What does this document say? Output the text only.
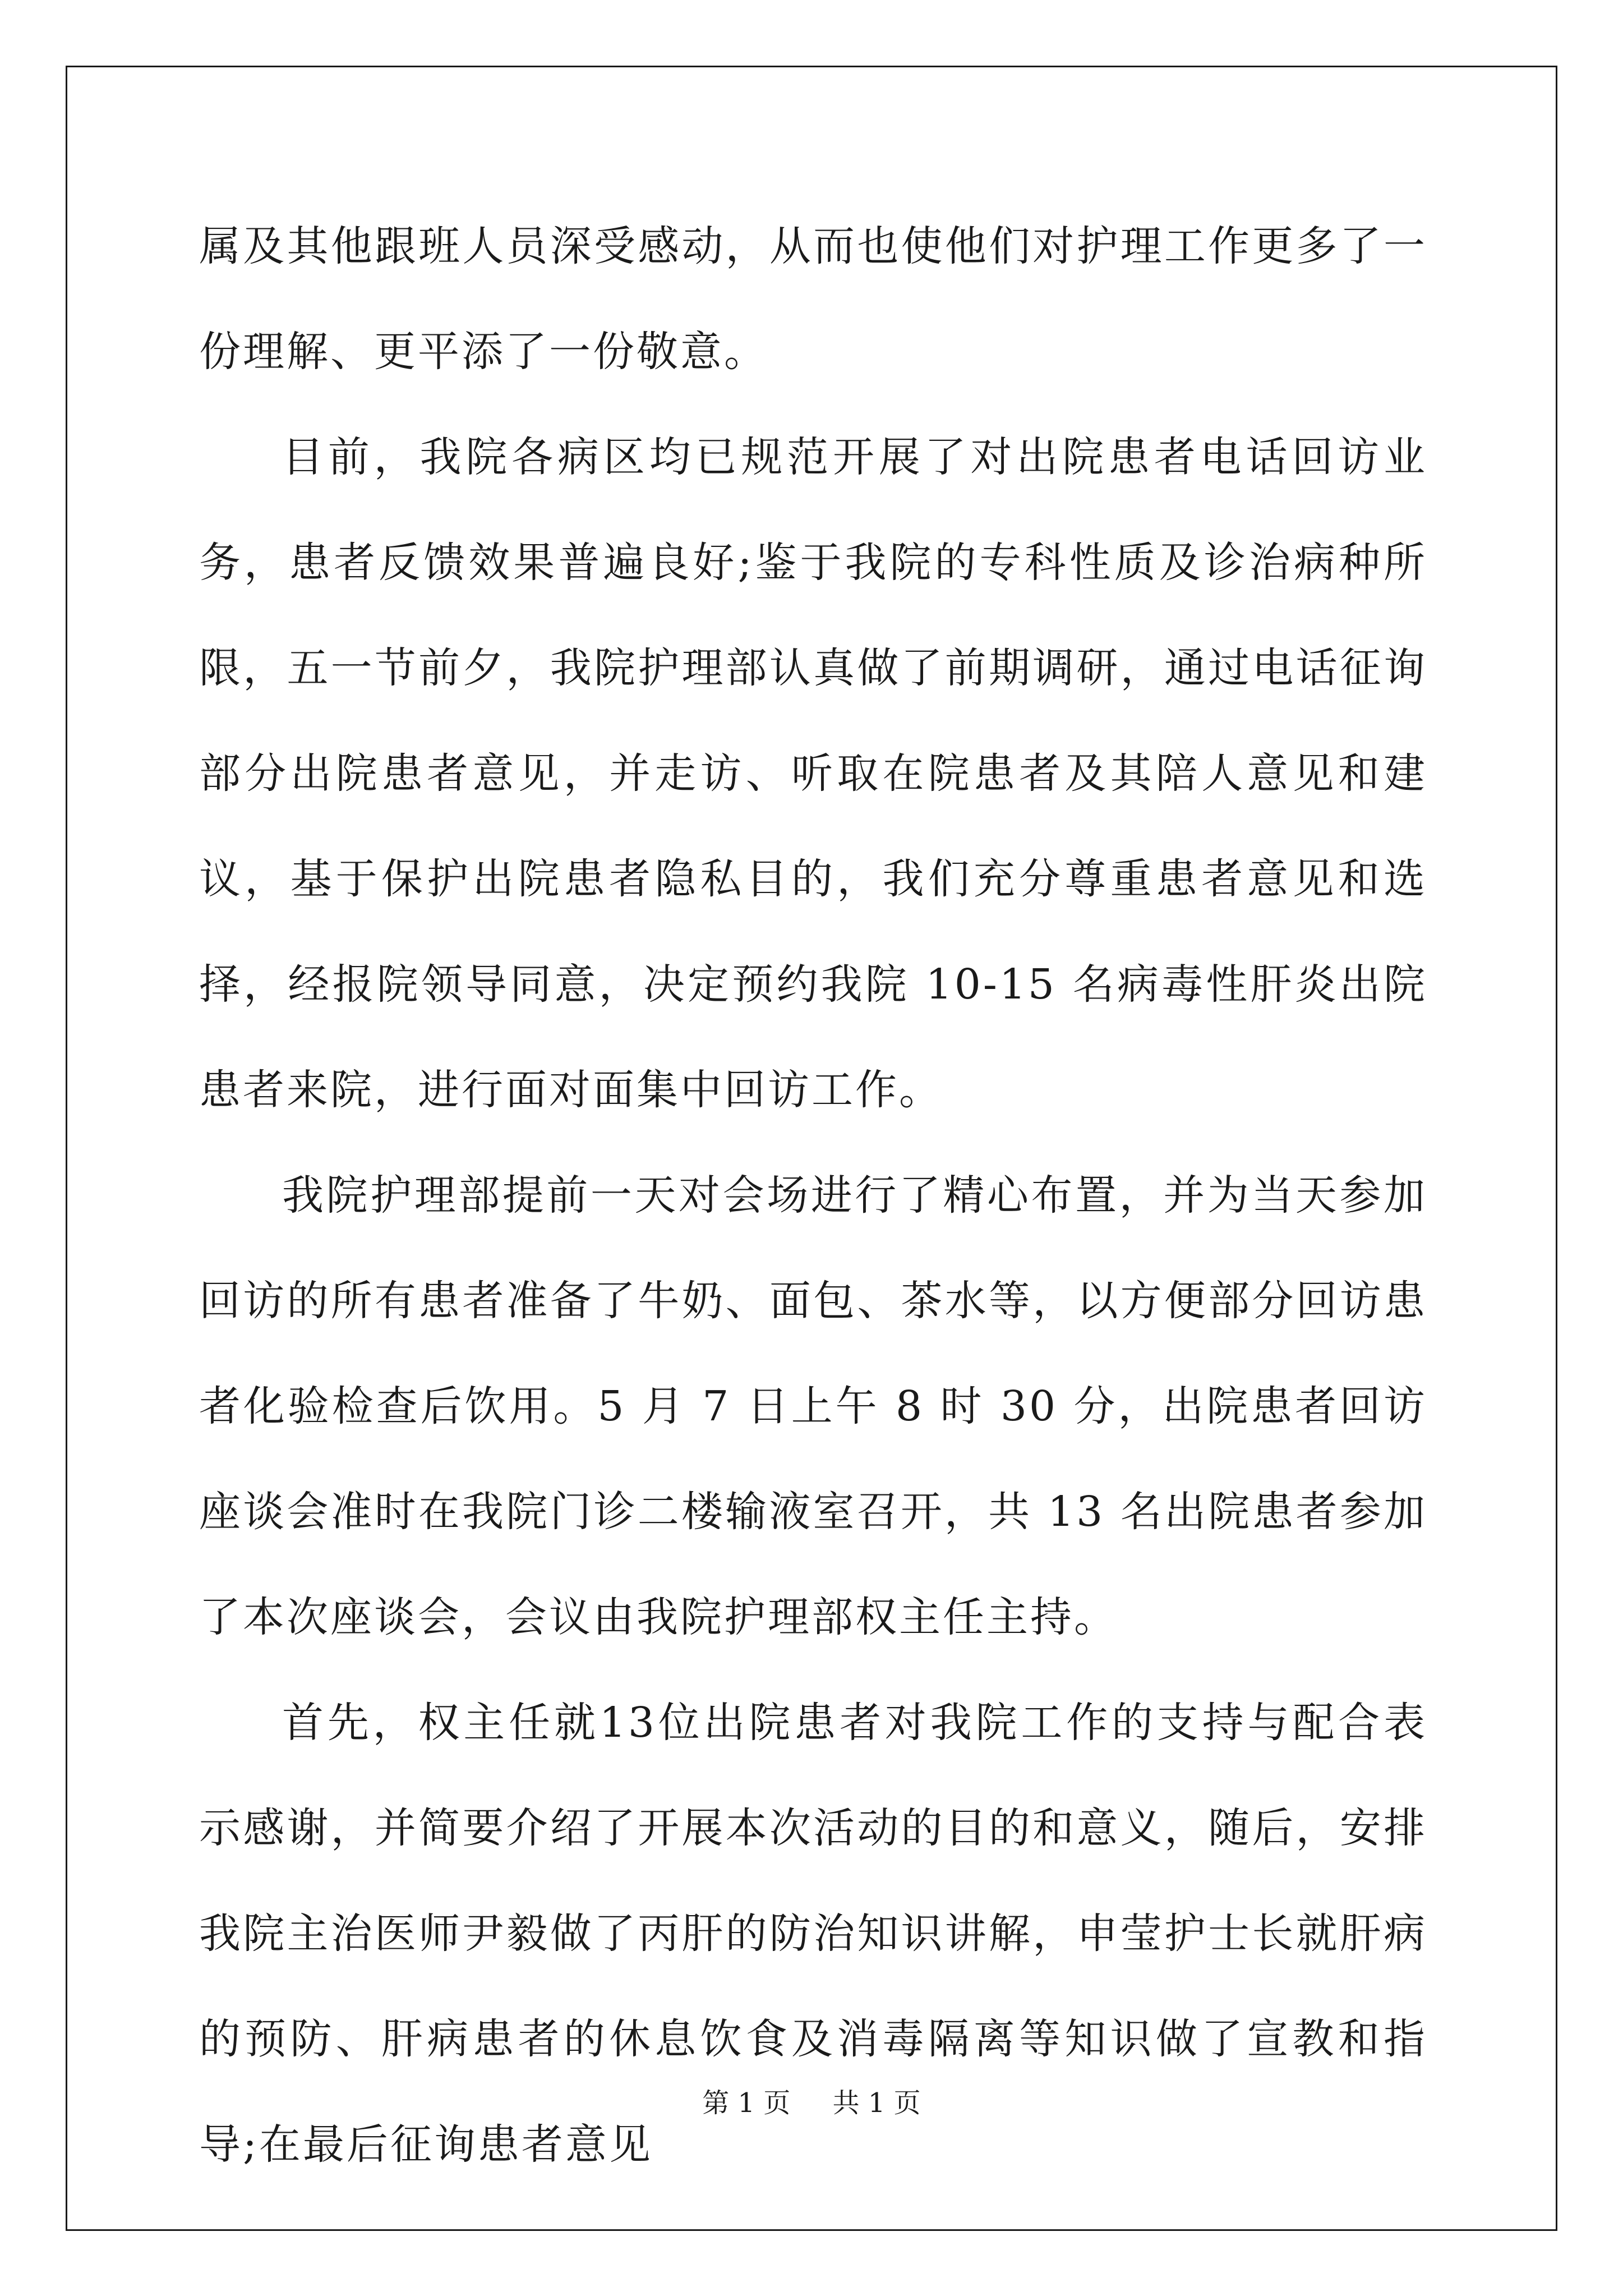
属及其他跟班人员深受感动，从而也使他们对护理工作更多了一份理解、更平添了一份敬意。

目前，我院各病区均已规范开展了对出院患者电话回访业务，患者反馈效果普遍良好;鉴于我院的专科性质及诊治病种所限，五一节前夕，我院护理部认真做了前期调研，通过电话征询部分出院患者意见，并走访、听取在院患者及其陪人意见和建议，基于保护出院患者隐私目的，我们充分尊重患者意见和选择，经报院领导同意，决定预约我院 10-15 名病毒性肝炎出院患者来院，进行面对面集中回访工作。

我院护理部提前一天对会场进行了精心布置，并为当天参加回访的所有患者准备了牛奶、面包、茶水等，以方便部分回访患者化验检查后饮用。5 月 7 日上午 8 时 30 分，出院患者回访座谈会准时在我院门诊二楼输液室召开，共 13 名出院患者参加了本次座谈会，会议由我院护理部权主任主持。

首先，权主任就13位出院患者对我院工作的支持与配合表示感谢，并简要介绍了开展本次活动的目的和意义，随后，安排我院主治医师尹毅做了丙肝的防治知识讲解，申莹护士长就肝病的预防、肝病患者的休息饮食及消毒隔离等知识做了宣教和指导;在最后征询患者意见

第 1 页 共 1 页
